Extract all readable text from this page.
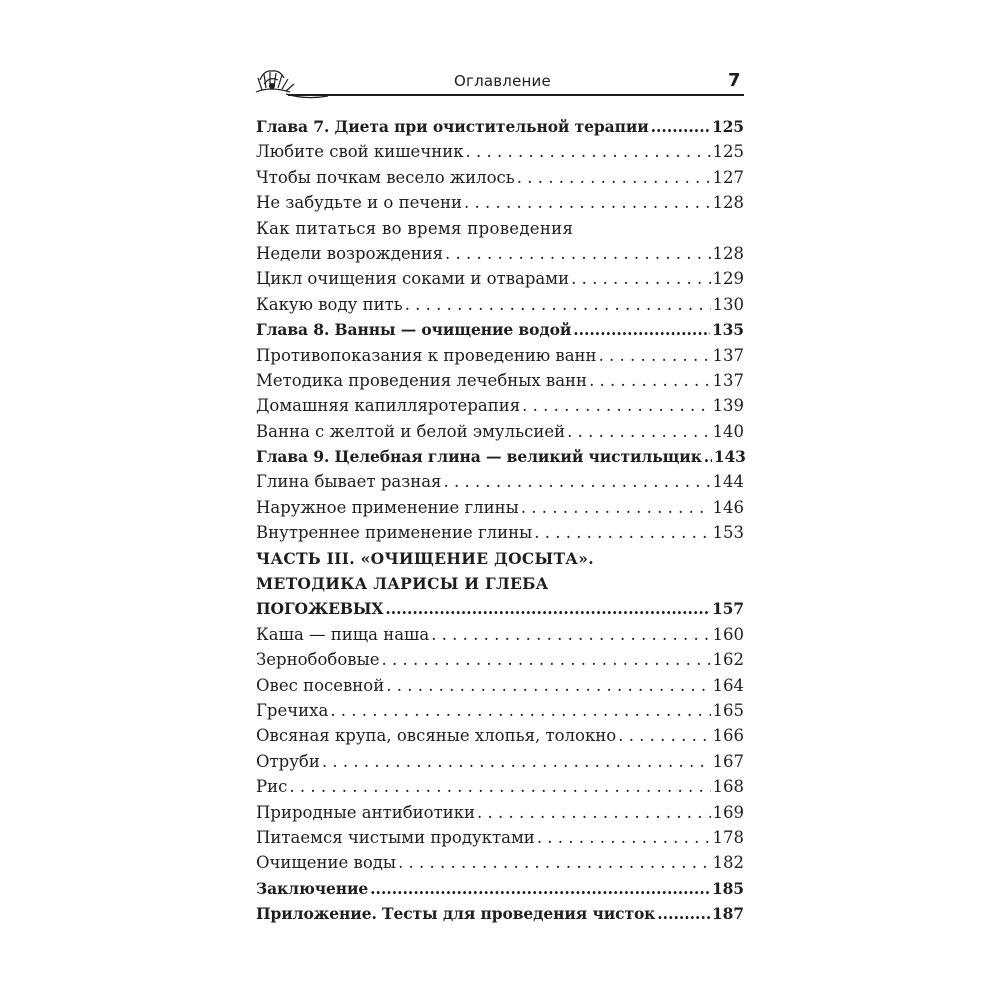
Оглавление	7
Глава 7. Диета при очистительной терапии .....	125
Любите свой кишечник . . .	125
Чтобы почкам весело жилось . . .	127
Не забудьте и о печени . . .	128
Как питаться во время проведения
Недели возрождения . . .	128
Цикл очищения соками и отварами . . .	129
Какую воду пить . . .	130
Глава 8. Ванны — очищение водой .....	135
Противопоказания к проведению ванн . . .	137
Методика проведения лечебных ванн . . .	137
Домашняя капилляротерапия . . .	139
Ванна с желтой и белой эмульсией . . .	140
Глава 9. Целебная глина — великий чистильщик ..... 143
Глина бывает разная . . .	144
Наружное применение глины . . .	146
Внутреннее применение глины . . .	153
ЧАСТЬ III. «ОЧИЩЕНИЕ ДОСЫТА».
МЕТОДИКА ЛАРИСЫ И ГЛЕБА
ПОГОЖЕВЫХ .....	157
Каша — пища наша . . .	160
Зернобобовые . . .	162
Овес посевной . . .	164
Гречиха . . .	165
Овсяная крупа, овсяные хлопья, толокно . . .	166
Отруби . . .	167
Рис . . .	168
Природные антибиотики . . .	169
Питаемся чистыми продуктами . . .	178
Очищение воды . . .	182
Заключение .....	185
Приложение. Тесты для проведения чисток .....	187
